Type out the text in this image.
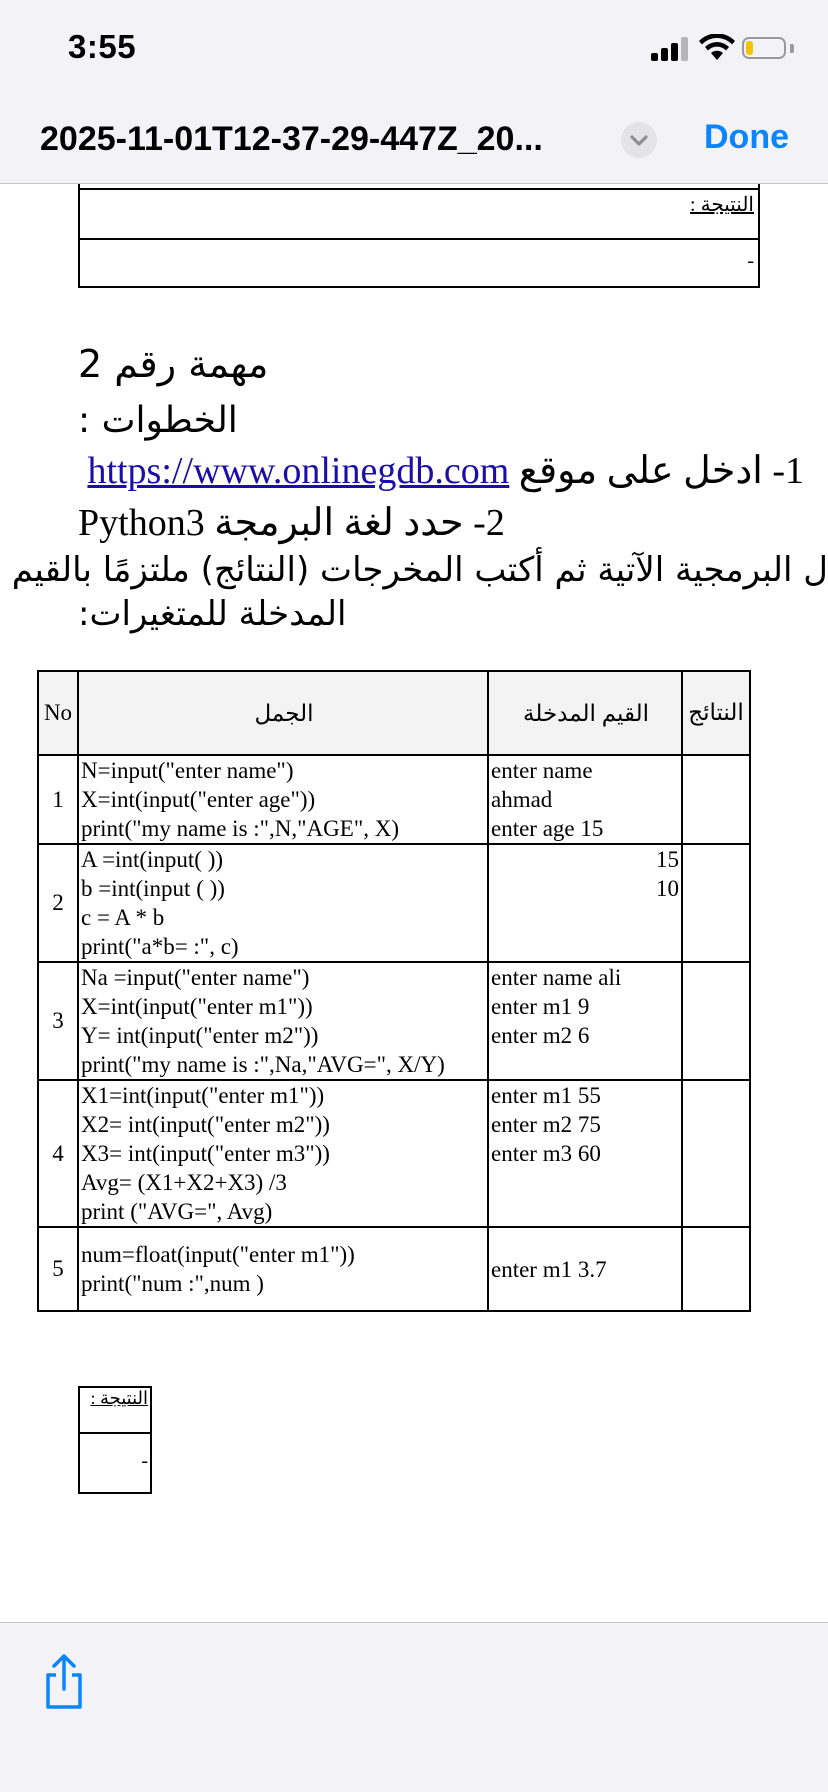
3:55
2025-11-01T12-37-29-447Z_20...	Done
النتيجة :
-
مهمة رقم 2
الخطوات :
1- ادخل على موقع https://www.onlinegdb.com
2- حدد لغة البرمجة Python3
ل البرمجية الآتية ثم أكتب المخرجات (النتائج) ملتزمًا بالقيم
المدخلة للمتغيرات:
No	الجمل	القيم المدخلة	النتائج
1	N=input("enter name")
X=int(input("enter age"))
print("my name is :",N,"AGE", X)	enter name
ahmad
enter age 15	

2	A =int(input( ))
b =int(input ( ))
c = A * b
print("a*b= :", c)	15
10	

3	Na =input("enter name")
X=int(input("enter m1"))
Y= int(input("enter m2"))
print("my name is :",Na,"AVG=", X/Y)	enter name ali
enter m1 9
enter m2 6	

4	X1=int(input("enter m1"))
X2= int(input("enter m2"))
X3= int(input("enter m3"))
Avg= (X1+X2+X3) /3
print ("AVG=", Avg)	enter m1 55
enter m2 75
enter m3 60	

5	num=float(input("enter m1"))
print("num :",num )	enter m1 3.7	

النتيجة :
-
